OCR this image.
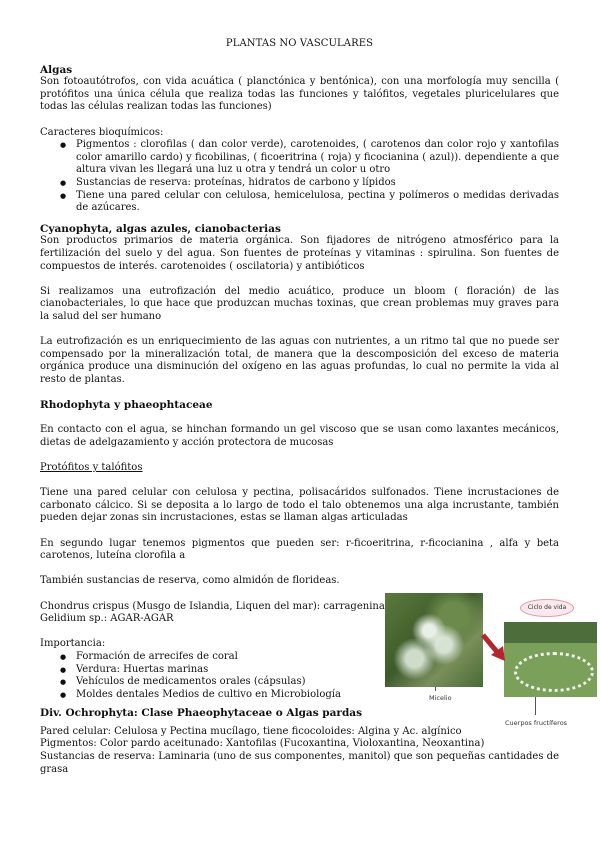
PLANTAS NO VASCULARES

Algas

Son fotoautótrofos, con vida acuática ( planctónica y bentónica), con una morfología muy sencilla ( protófitos una única célula que realiza todas las funciones y talófitos, vegetales pluricelulares que todas las células realizan todas las funciones)

Caracteres bioquímicos:

● Pigmentos : clorofilas ( dan color verde), carotenoides, ( carotenos dan color rojo y xantofilas color amarillo cardo) y ficobilinas, ( ficoeritrina ( roja) y ficocianina ( azul)). dependiente a que altura vivan les llegará una luz u otra y tendrá un color u otro
● Sustancias de reserva: proteínas, hidratos de carbono y lípidos
● Tiene una pared celular con celulosa, hemicelulosa, pectina y polímeros o medidas derivadas de azúcares.

Cyanophyta, algas azules, cianobacterias

Son productos primarios de materia orgánica. Son fijadores de nitrógeno atmosférico para la fertilización del suelo y del agua. Son fuentes de proteínas y vitaminas : spirulina. Son fuentes de compuestos de interés. carotenoides ( oscilatoria) y antibióticos

Si realizamos una eutrofización del medio acuático, produce un bloom ( floración) de las cianobacteriales, lo que hace que produzcan muchas toxinas, que crean problemas muy graves para la salud del ser humano

La eutrofización es un enriquecimiento de las aguas con nutrientes, a un ritmo tal que no puede ser compensado por la mineralización total, de manera que la descomposición del exceso de materia orgánica produce una disminución del oxígeno en las aguas profundas, lo cual no permite la vida al resto de plantas.

Rhodophyta y phaeophtaceae

En contacto con el agua, se hinchan formando un gel viscoso que se usan como laxantes mecánicos, dietas de adelgazamiento y acción protectora de mucosas

Protófitos y talófitos

Tiene una pared celular con celulosa y pectina, polisacáridos sulfonados. Tiene incrustaciones de carbonato cálcico. Si se deposita a lo largo de todo el talo obtenemos una alga incrustante, también pueden dejar zonas sin incrustaciones, estas se llaman algas articuladas

En segundo lugar tenemos pigmentos que pueden ser: r-ficoeritrina, r-ficocianina , alfa y beta carotenos, luteína clorofila a

También sustancias de reserva, como almidón de florideas.

Chondrus crispus (Musgo de Islandia, Liquen del mar): carragenina

Gelidium sp.: AGAR-AGAR

Importancia:

● Formación de arrecifes de coral
● Verdura: Huertas marinas
● Vehículos de medicamentos orales (cápsulas)
● Moldes dentales Medios de cultivo en Microbiología

Div. Ochrophyta: Clase Phaeophytaceae o Algas pardas

Pared celular: Celulosa y Pectina mucílago, tiene ficocoloides: Algina y Ac. algínico

Pigmentos: Color pardo aceitunado: Xantofilas (Fucoxantina, Violoxantina, Neoxantina)

Sustancias de reserva: Laminaria (uno de sus componentes, manitol) que son pequeñas cantidades de grasa

Ciclo de vida
Micelio
Cuerpos fructíferos
